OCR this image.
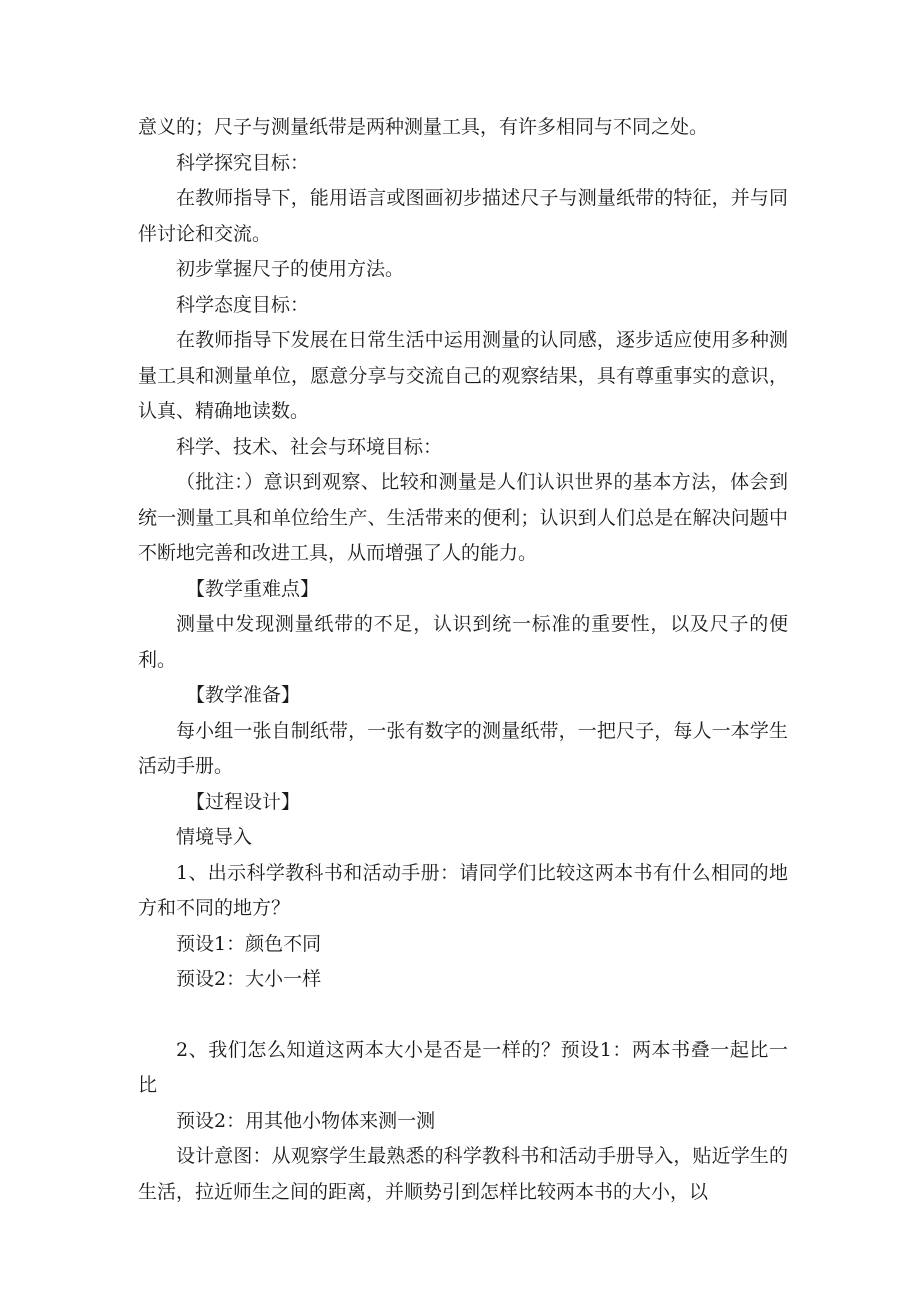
意义的；尺子与测量纸带是两种测量工具，有许多相同与不同之处。

科学探究目标：

在教师指导下，能用语言或图画初步描述尺子与测量纸带的特征，并与同伴讨论和交流。

初步掌握尺子的使用方法。

科学态度目标：

在教师指导下发展在日常生活中运用测量的认同感，逐步适应使用多种测量工具和测量单位，愿意分享与交流自己的观察结果，具有尊重事实的意识，认真、精确地读数。

科学、技术、社会与环境目标：

（批注：）意识到观察、比较和测量是人们认识世界的基本方法，体会到统一测量工具和单位给生产、生活带来的便利；认识到人们总是在解决问题中不断地完善和改进工具，从而增强了人的能力。

【教学重难点】

测量中发现测量纸带的不足，认识到统一标准的重要性，以及尺子的便利。

【教学准备】

每小组一张自制纸带，一张有数字的测量纸带，一把尺子，每人一本学生活动手册。

【过程设计】

情境导入

1、出示科学教科书和活动手册：请同学们比较这两本书有什么相同的地方和不同的地方？

预设1：颜色不同

预设2：大小一样

2、我们怎么知道这两本大小是否是一样的？预设1：两本书叠一起比一比

预设2：用其他小物体来测一测

设计意图：从观察学生最熟悉的科学教科书和活动手册导入，贴近学生的生活，拉近师生之间的距离，并顺势引到怎样比较两本书的大小，以
